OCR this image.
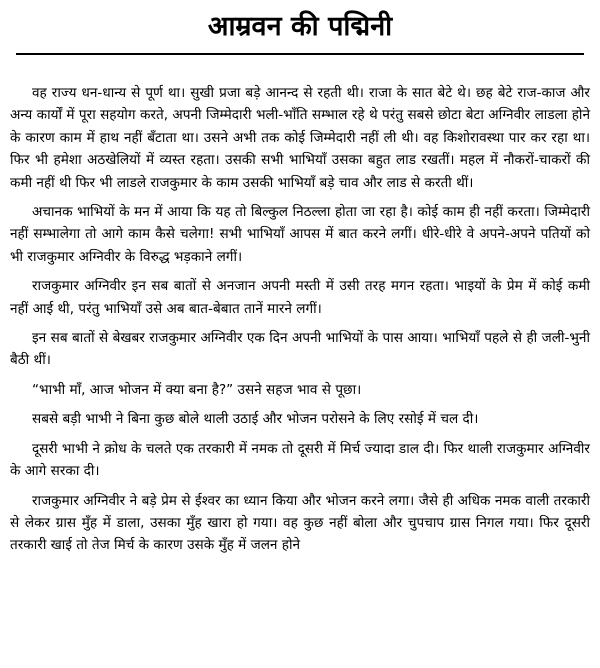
आम्रवन की पद्मिनी

वह राज्य धन-धान्य से पूर्ण था। सुखी प्रजा बड़े आनन्द से रहती थी। राजा के सात बेटे थे। छह बेटे राज-काज और अन्य कार्यों में पूरा सहयोग करते, अपनी जिम्मेदारी भली-भाँति सम्भाल रहे थे परंतु सबसे छोटा बेटा अग्निवीर लाडला होने के कारण काम में हाथ नहीं बँटाता था। उसने अभी तक कोई जिम्मेदारी नहीं ली थी। वह किशोरावस्था पार कर रहा था। फिर भी हमेशा अठखेलियों में व्यस्त रहता। उसकी सभी भाभियाँ उसका बहुत लाड रखतीं। महल में नौकरों-चाकरों की कमी नहीं थी फिर भी लाडले राजकुमार के काम उसकी भाभियाँ बड़े चाव और लाड से करती थीं।

अचानक भाभियों के मन में आया कि यह तो बिल्कुल निठल्ला होता जा रहा है। कोई काम ही नहीं करता। जिम्मेदारी नहीं सम्भालेगा तो आगे काम कैसे चलेगा! सभी भाभियाँ आपस में बात करने लगीं। धीरे-धीरे वे अपने-अपने पतियों को भी राजकुमार अग्निवीर के विरुद्ध भड़काने लगीं।

राजकुमार अग्निवीर इन सब बातों से अनजान अपनी मस्ती में उसी तरह मगन रहता। भाइयों के प्रेम में कोई कमी नहीं आई थी, परंतु भाभियाँ उसे अब बात-बेबात तानें मारने लगीं।

इन सब बातों से बेखबर राजकुमार अग्निवीर एक दिन अपनी भाभियों के पास आया। भाभियाँ पहले से ही जली-भुनी बैठी थीं।

“भाभी माँ, आज भोजन में क्या बना है?” उसने सहज भाव से पूछा।

सबसे बड़ी भाभी ने बिना कुछ बोले थाली उठाई और भोजन परोसने के लिए रसोई में चल दी।

दूसरी भाभी ने क्रोध के चलते एक तरकारी में नमक तो दूसरी में मिर्च ज्यादा डाल दी। फिर थाली राजकुमार अग्निवीर के आगे सरका दी।

राजकुमार अग्निवीर ने बड़े प्रेम से ईश्वर का ध्यान किया और भोजन करने लगा। जैसे ही अधिक नमक वाली तरकारी से लेकर ग्रास मुँह में डाला, उसका मुँह खारा हो गया। वह कुछ नहीं बोला और चुपचाप ग्रास निगल गया। फिर दूसरी तरकारी खाई तो तेज मिर्च के कारण उसके मुँह में जलन होने
